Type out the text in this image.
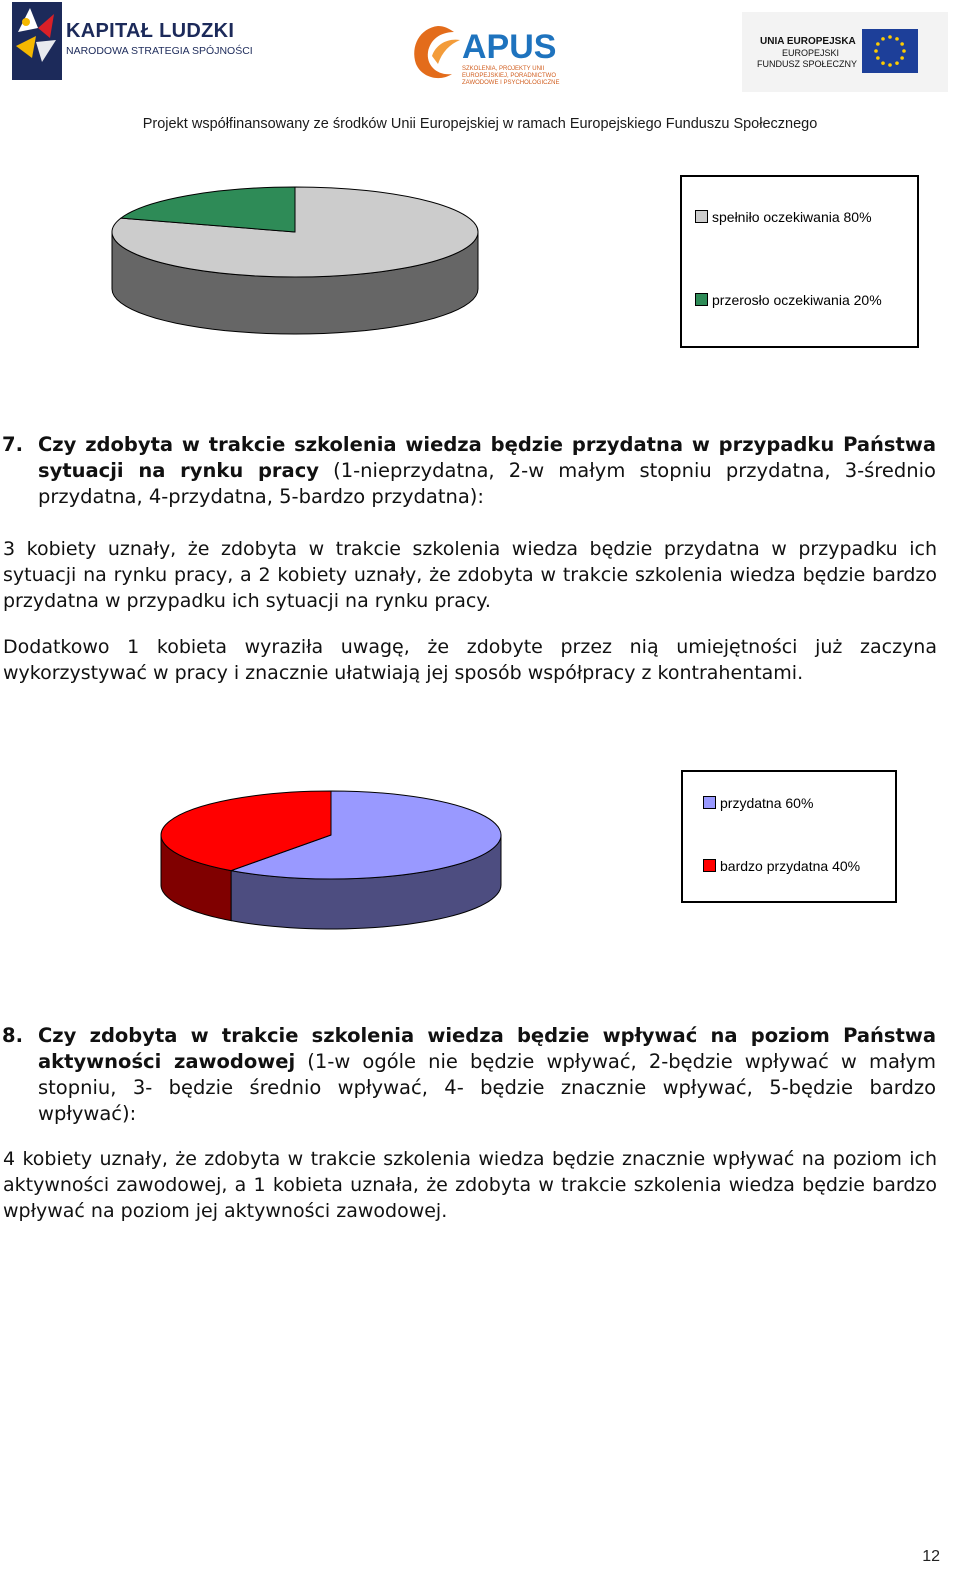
KAPITAŁ LUDZKI
NARODOWA STRATEGIA SPÓJNOŚCI	APUS
SZKOLENIA, PROJEKTY UNII EUROPEJSKIEJ, PORADNICTWO ZAWODOWE I PSYCHOLOGICZNE
UNIA EUROPEJSKA
EUROPEJSKI
FUNDUSZ SPOŁECZNY
Projekt współfinansowany ze środków Unii Europejskiej w ramach Europejskiego Funduszu Społecznego
spełniło oczekiwania 80%
przerosło oczekiwania 20%
7. Czy zdobyta w trakcie szkolenia wiedza będzie przydatna w przypadku Państwa sytuacji na rynku pracy (1-nieprzydatna, 2-w małym stopniu przydatna, 3-średnio przydatna, 4-przydatna, 5-bardzo przydatna):
3 kobiety uznały, że zdobyta w trakcie szkolenia wiedza będzie przydatna w przypadku ich sytuacji na rynku pracy, a 2 kobiety uznały, że zdobyta w trakcie szkolenia wiedza będzie bardzo przydatna w przypadku ich sytuacji na rynku pracy.
Dodatkowo 1 kobieta wyraziła uwagę, że zdobyte przez nią umiejętności już zaczyna wykorzystywać w pracy i znacznie ułatwiają jej sposób współpracy z kontrahentami.
przydatna 60%
bardzo przydatna 40%
8. Czy zdobyta w trakcie szkolenia wiedza będzie wpływać na poziom Państwa aktywności zawodowej (1-w ogóle nie będzie wpływać, 2-będzie wpływać w małym stopniu, 3- będzie średnio wpływać, 4- będzie znacznie wpływać, 5-będzie bardzo wpływać):
4 kobiety uznały, że zdobyta w trakcie szkolenia wiedza będzie znacznie wpływać na poziom ich aktywności zawodowej, a 1 kobieta uznała, że zdobyta w trakcie szkolenia wiedza będzie bardzo wpływać na poziom jej aktywności zawodowej.
12
